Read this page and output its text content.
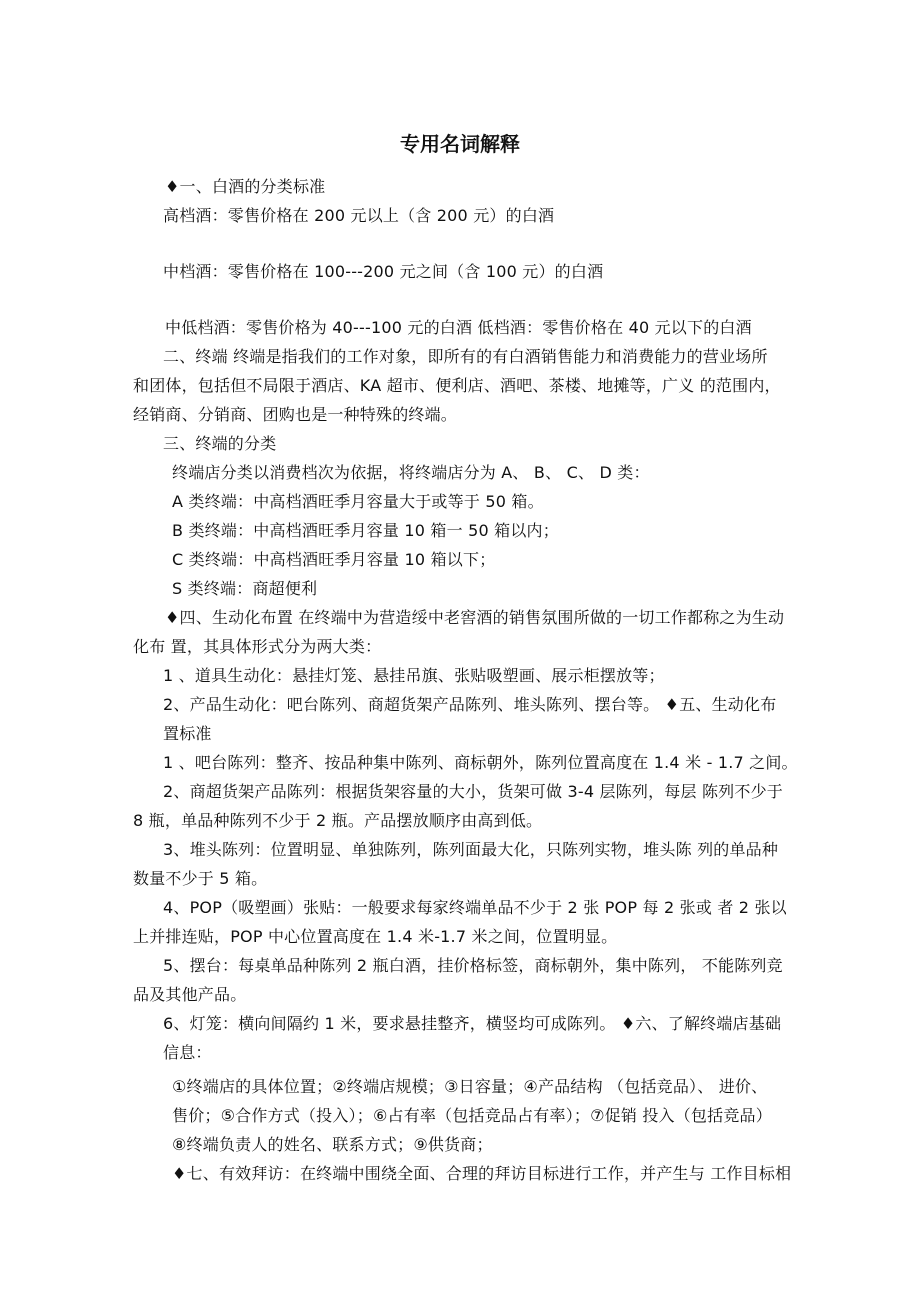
专用名词解释

♦一、白酒的分类标准

高档酒：零售价格在 200 元以上（含 200 元）的白酒

中档酒：零售价格在 100---200 元之间（含 100 元）的白酒

中低档酒：零售价格为 40---100 元的白酒 低档酒：零售价格在 40 元以下的白酒

二、终端 终端是指我们的工作对象，即所有的有白酒销售能力和消费能力的营业场所

和团体，包括但不局限于酒店、KA 超市、便利店、酒吧、茶楼、地摊等，广义 的范围内，

经销商、分销商、团购也是一种特殊的终端。

三、终端的分类

终端店分类以消费档次为依据，将终端店分为 A、 B、 C、 D 类：

A 类终端：中高档酒旺季月容量大于或等于 50 箱。

B 类终端：中高档酒旺季月容量 10 箱一 50 箱以内；

C 类终端：中高档酒旺季月容量 10 箱以下；

S 类终端：商超便利

♦四、生动化布置 在终端中为营造绥中老窖酒的销售氛围所做的一切工作都称之为生动

化布 置，其具体形式分为两大类：

1 、道具生动化：悬挂灯笼、悬挂吊旗、张贴吸塑画、展示柜摆放等；

2、产品生动化：吧台陈列、商超货架产品陈列、堆头陈列、摆台等。 ♦五、生动化布

置标准

1 、吧台陈列：整齐、按品种集中陈列、商标朝外，陈列位置高度在 1.4 米 - 1.7 之间。

2、商超货架产品陈列：根据货架容量的大小，货架可做 3-4 层陈列，每层 陈列不少于

8 瓶，单品种陈列不少于 2 瓶。产品摆放顺序由高到低。

3、堆头陈列：位置明显、单独陈列，陈列面最大化，只陈列实物，堆头陈 列的单品种

数量不少于 5 箱。

4、POP（吸塑画）张贴：一般要求每家终端单品不少于 2 张 POP 每 2 张或 者 2 张以

上并排连贴，POP 中心位置高度在 1.4 米-1.7 米之间，位置明显。

5、摆台：每桌单品种陈列 2 瓶白酒，挂价格标签，商标朝外，集中陈列， 不能陈列竞

品及其他产品。

6、灯笼：横向间隔约 1 米，要求悬挂整齐，横竖均可成陈列。 ♦六、了解终端店基础

信息：

①终端店的具体位置；②终端店规模；③日容量；④产品结构 （包括竞品）、 进价、

售价；⑤合作方式（投入）；⑥占有率（包括竞品占有率）；⑦促销 投入（包括竞品）

⑧终端负责人的姓名、联系方式；⑨供货商；

♦七、有效拜访：在终端中围绕全面、合理的拜访目标进行工作，并产生与 工作目标相
